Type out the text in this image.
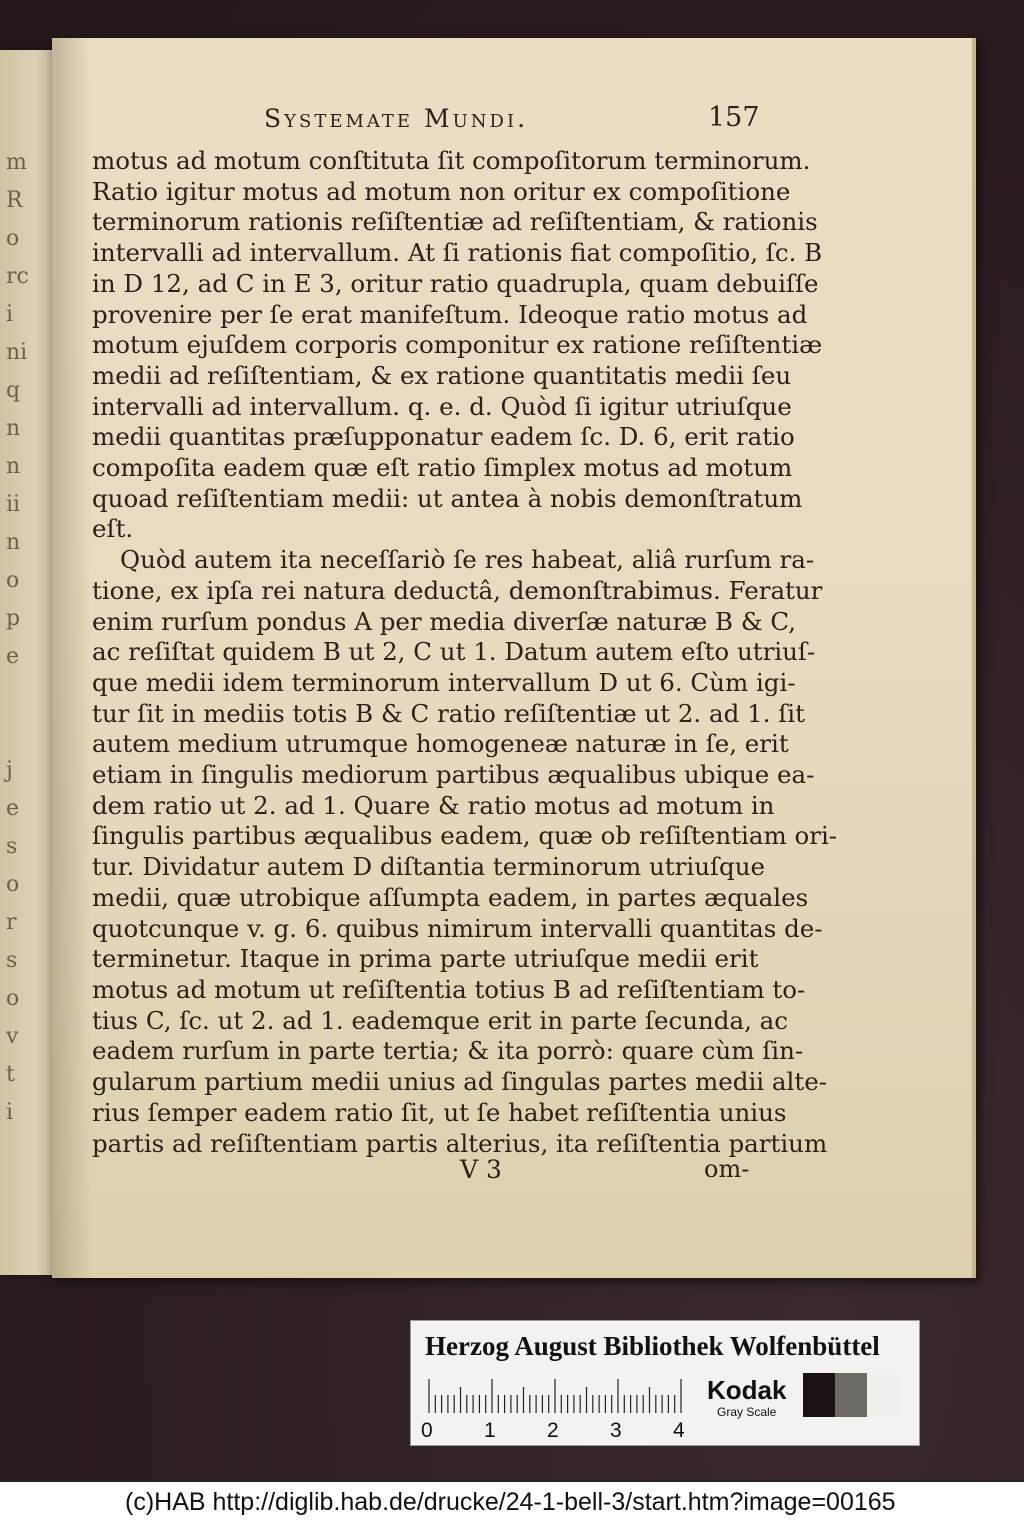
m
R
o
rc
i
ni
q
n
n
ii
n
o
p
e
j
e
s
o
r
s
o
v
t
i
Systemate Mundi.	157
motus ad motum conſtituta ſit compoſitorum terminorum.
Ratio igitur motus ad motum non oritur ex compoſitione
terminorum rationis reſiſtentiæ ad reſiſtentiam, & rationis
intervalli ad intervallum. At ſi rationis fiat compoſitio, ſc. B
in D 12, ad C in E 3, oritur ratio quadrupla, quam debuiſſe
provenire per ſe erat manifeſtum. Ideoque ratio motus ad
motum ejuſdem corporis componitur ex ratione reſiſtentiæ
medii ad reſiſtentiam, & ex ratione quantitatis medii ſeu
intervalli ad intervallum. q. e. d. Quòd ſi igitur utriuſque
medii quantitas præſupponatur eadem ſc. D. 6, erit ratio
compoſita eadem quæ eſt ratio ſimplex motus ad motum
quoad reſiſtentiam medii: ut antea à nobis demonſtratum
eſt.
Quòd autem ita neceſſariò ſe res habeat, aliâ rurſum ra-
tione, ex ipſa rei natura deductâ, demonſtrabimus. Feratur
enim rurſum pondus A per media diverſæ naturæ B & C,
ac reſiſtat quidem B ut 2, C ut 1. Datum autem eſto utriuſ-
que medii idem terminorum intervallum D ut 6. Cùm igi-
tur ſit in mediis totis B & C ratio reſiſtentiæ ut 2. ad 1. ſit
autem medium utrumque homogeneæ naturæ in ſe, erit
etiam in ſingulis mediorum partibus æqualibus ubique ea-
dem ratio ut 2. ad 1. Quare & ratio motus ad motum in
ſingulis partibus æqualibus eadem, quæ ob reſiſtentiam ori-
tur. Dividatur autem D diſtantia terminorum utriuſque
medii, quæ utrobique aſſumpta eadem, in partes æquales
quotcunque v. g. 6. quibus nimirum intervalli quantitas de-
terminetur. Itaque in prima parte utriuſque medii erit
motus ad motum ut reſiſtentia totius B ad reſiſtentiam to-
tius C, ſc. ut 2. ad 1. eademque erit in parte ſecunda, ac
eadem rurſum in parte tertia; & ita porrò: quare cùm ſin-
gularum partium medii unius ad ſingulas partes medii alte-
rius ſemper eadem ratio ſit, ut ſe habet reſiſtentia unius
partis ad reſiſtentiam partis alterius, ita reſiſtentia partium
V 3	om-
Herzog August Bibliothek Wolfenbüttel
0 1 2 3 4
Kodak
Gray Scale
(c)HAB http://diglib.hab.de/drucke/24-1-bell-3/start.htm?image=00165
